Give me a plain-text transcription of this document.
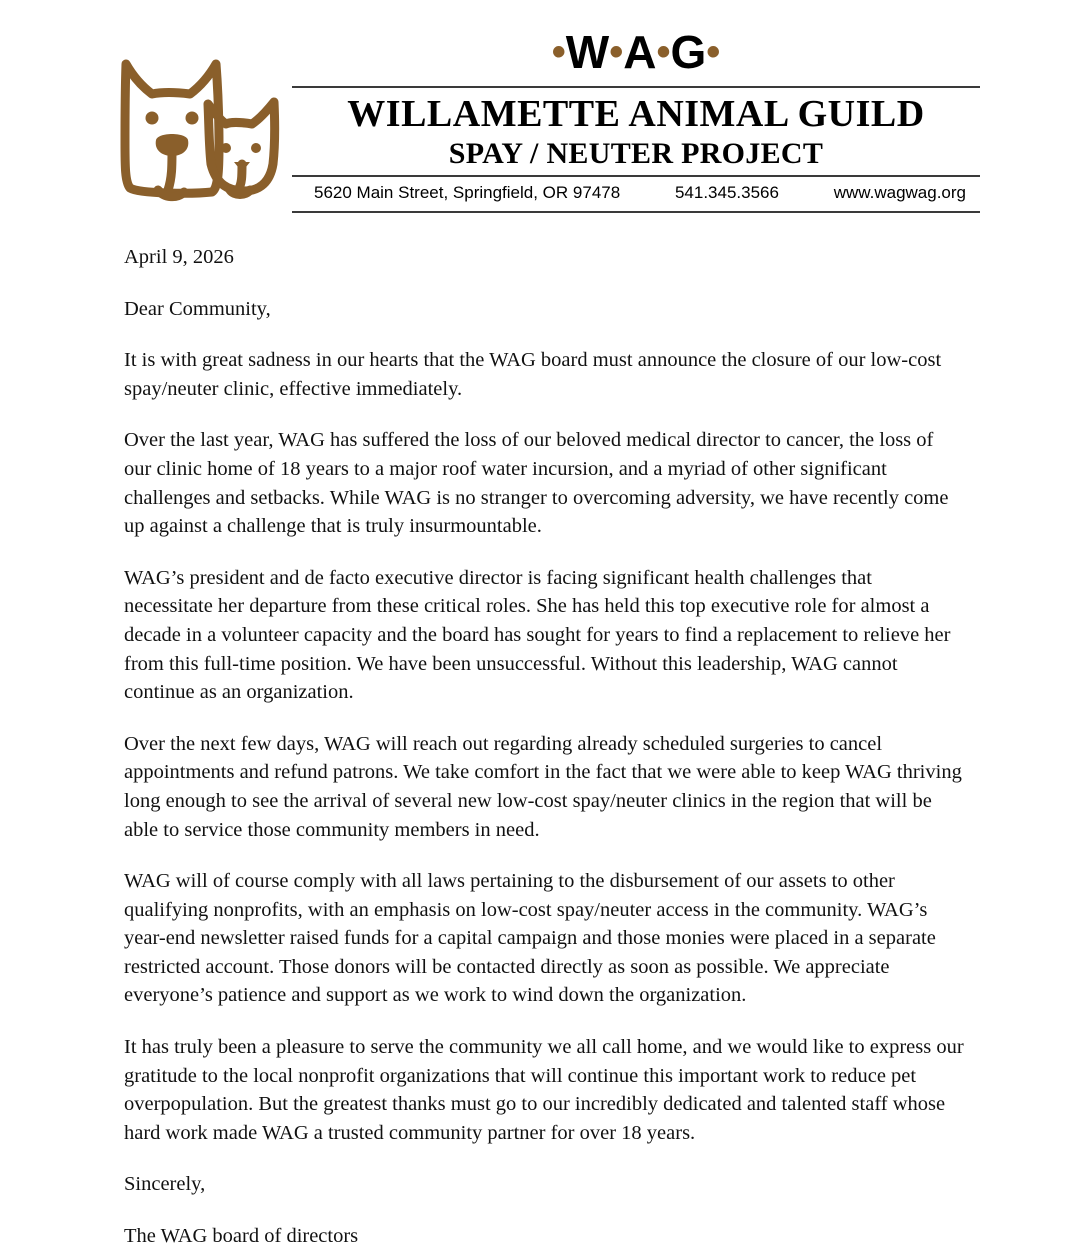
•W•A•G•
WILLAMETTE ANIMAL GUILD
SPAY / NEUTER PROJECT
5620 Main Street, Springfield, OR 97478	541.345.3566	www.wagwag.org

April 9, 2026

Dear Community,

It is with great sadness in our hearts that the WAG board must announce the closure of our low-cost spay/neuter clinic, effective immediately.

Over the last year, WAG has suffered the loss of our beloved medical director to cancer, the loss of our clinic home of 18 years to a major roof water incursion, and a myriad of other significant challenges and setbacks. While WAG is no stranger to overcoming adversity, we have recently come up against a challenge that is truly insurmountable.

WAG’s president and de facto executive director is facing significant health challenges that necessitate her departure from these critical roles. She has held this top executive role for almost a decade in a volunteer capacity and the board has sought for years to find a replacement to relieve her from this full-time position. We have been unsuccessful. Without this leadership, WAG cannot continue as an organization.

Over the next few days, WAG will reach out regarding already scheduled surgeries to cancel appointments and refund patrons. We take comfort in the fact that we were able to keep WAG thriving long enough to see the arrival of several new low-cost spay/neuter clinics in the region that will be able to service those community members in need.

WAG will of course comply with all laws pertaining to the disbursement of our assets to other qualifying nonprofits, with an emphasis on low-cost spay/neuter access in the community. WAG’s year-end newsletter raised funds for a capital campaign and those monies were placed in a separate restricted account. Those donors will be contacted directly as soon as possible. We appreciate everyone’s patience and support as we work to wind down the organization.

It has truly been a pleasure to serve the community we all call home, and we would like to express our gratitude to the local nonprofit organizations that will continue this important work to reduce pet overpopulation. But the greatest thanks must go to our incredibly dedicated and talented staff whose hard work made WAG a trusted community partner for over 18 years.

Sincerely,

The WAG board of directors
